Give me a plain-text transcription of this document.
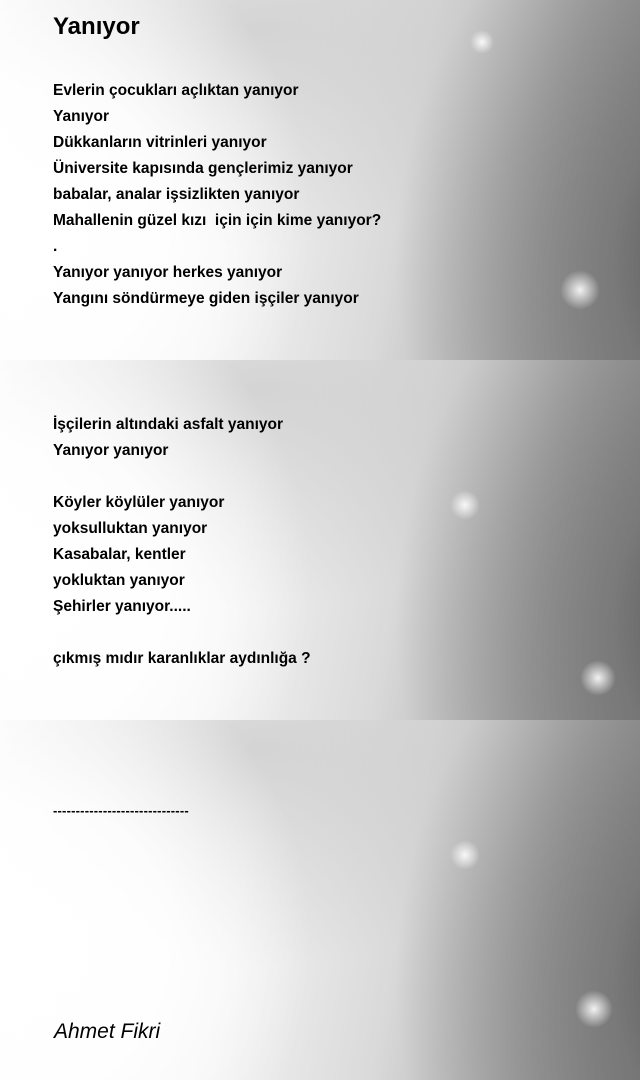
Yanıyor
Evlerin çocukları açlıktan yanıyor
Yanıyor
Dükkanların vitrinleri yanıyor
Üniversite kapısında gençlerimiz yanıyor
babalar, analar işsizlikten yanıyor
Mahallenin güzel kızı  için için kime yanıyor?
.
Yanıyor yanıyor herkes yanıyor
Yangını söndürmeye giden işçiler yanıyor
İşçilerin altındaki asfalt yanıyor
Yanıyor yanıyor
Köyler köylüler yanıyor
yoksulluktan yanıyor
Kasabalar, kentler
yokluktan yanıyor
Şehirler yanıyor.....
çıkmış mıdır karanlıklar aydınlığa ?
------------------------------
Ahmet Fikri
